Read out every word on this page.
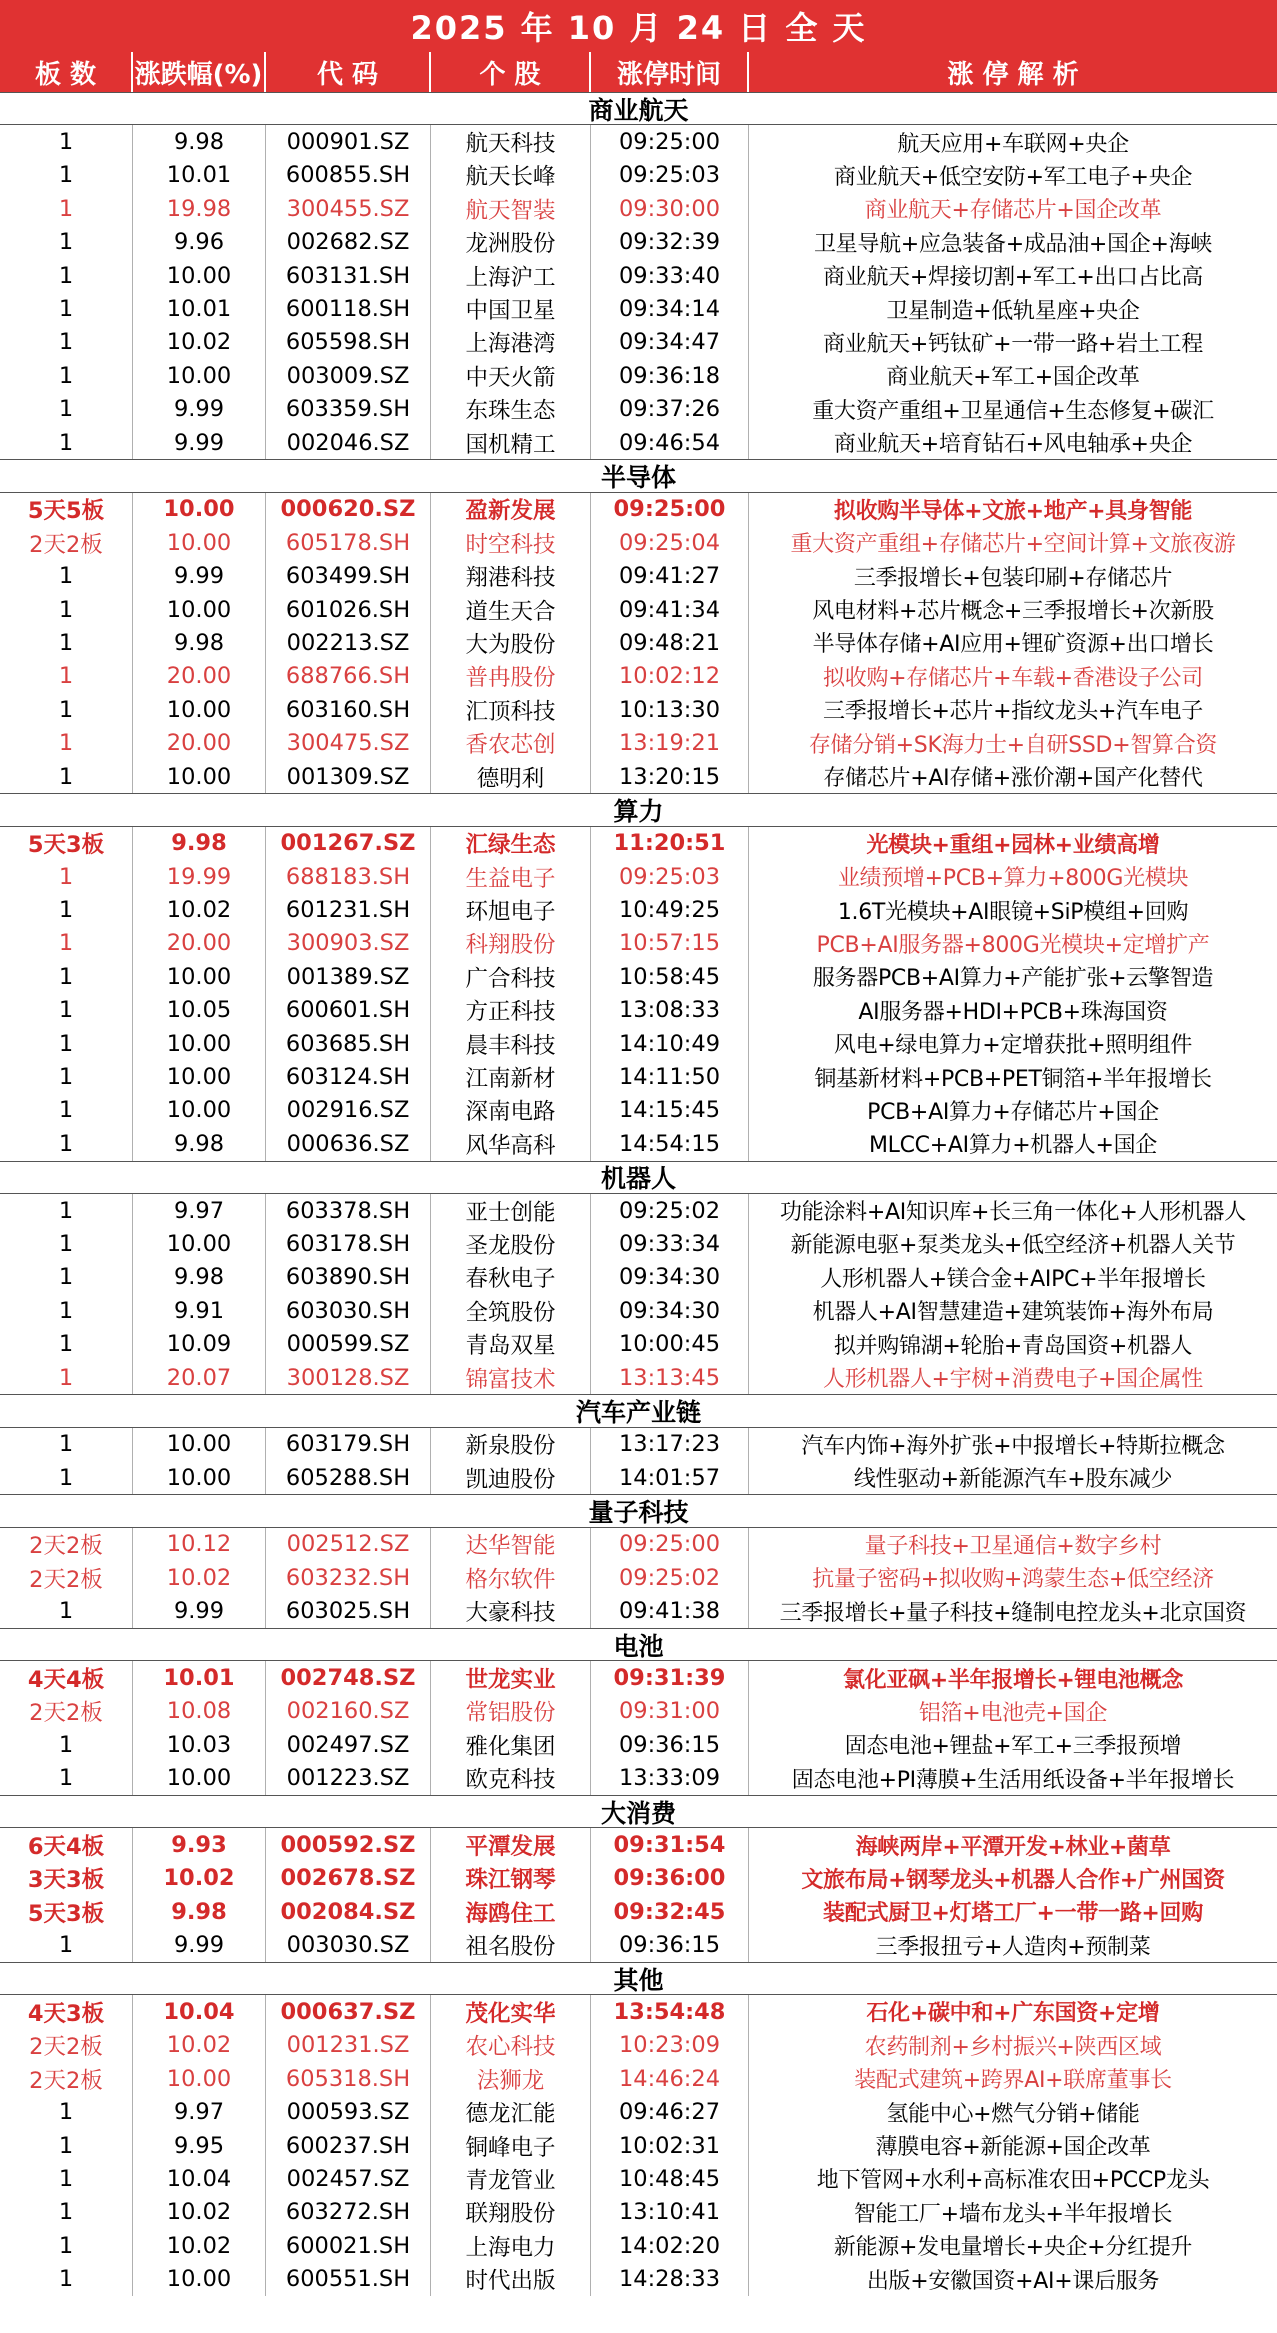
2025 年 10 月 24 日 全 天
板 数	涨跌幅(%)	代 码	个 股	涨停时间	涨 停 解 析
商业航天
1	9.98	000901.SZ	航天科技	09:25:00	航天应用+车联网+央企
1	10.01	600855.SH	航天长峰	09:25:03	商业航天+低空安防+军工电子+央企
1	19.98	300455.SZ	航天智装	09:30:00	商业航天+存储芯片+国企改革
1	9.96	002682.SZ	龙洲股份	09:32:39	卫星导航+应急装备+成品油+国企+海峡
1	10.00	603131.SH	上海沪工	09:33:40	商业航天+焊接切割+军工+出口占比高
1	10.01	600118.SH	中国卫星	09:34:14	卫星制造+低轨星座+央企
1	10.02	605598.SH	上海港湾	09:34:47	商业航天+钙钛矿+一带一路+岩土工程
1	10.00	003009.SZ	中天火箭	09:36:18	商业航天+军工+国企改革
1	9.99	603359.SH	东珠生态	09:37:26	重大资产重组+卫星通信+生态修复+碳汇
1	9.99	002046.SZ	国机精工	09:46:54	商业航天+培育钻石+风电轴承+央企
半导体
5天5板	10.00	000620.SZ	盈新发展	09:25:00	拟收购半导体+文旅+地产+具身智能
2天2板	10.00	605178.SH	时空科技	09:25:04	重大资产重组+存储芯片+空间计算+文旅夜游
1	9.99	603499.SH	翔港科技	09:41:27	三季报增长+包装印刷+存储芯片
1	10.00	601026.SH	道生天合	09:41:34	风电材料+芯片概念+三季报增长+次新股
1	9.98	002213.SZ	大为股份	09:48:21	半导体存储+AI应用+锂矿资源+出口增长
1	20.00	688766.SH	普冉股份	10:02:12	拟收购+存储芯片+车载+香港设子公司
1	10.00	603160.SH	汇顶科技	10:13:30	三季报增长+芯片+指纹龙头+汽车电子
1	20.00	300475.SZ	香农芯创	13:19:21	存储分销+SK海力士+自研SSD+智算合资
1	10.00	001309.SZ	德明利	13:20:15	存储芯片+AI存储+涨价潮+国产化替代
算力
5天3板	9.98	001267.SZ	汇绿生态	11:20:51	光模块+重组+园林+业绩高增
1	19.99	688183.SH	生益电子	09:25:03	业绩预增+PCB+算力+800G光模块
1	10.02	601231.SH	环旭电子	10:49:25	1.6T光模块+AI眼镜+SiP模组+回购
1	20.00	300903.SZ	科翔股份	10:57:15	PCB+AI服务器+800G光模块+定增扩产
1	10.00	001389.SZ	广合科技	10:58:45	服务器PCB+AI算力+产能扩张+云擎智造
1	10.05	600601.SH	方正科技	13:08:33	AI服务器+HDI+PCB+珠海国资
1	10.00	603685.SH	晨丰科技	14:10:49	风电+绿电算力+定增获批+照明组件
1	10.00	603124.SH	江南新材	14:11:50	铜基新材料+PCB+PET铜箔+半年报增长
1	10.00	002916.SZ	深南电路	14:15:45	PCB+AI算力+存储芯片+国企
1	9.98	000636.SZ	风华高科	14:54:15	MLCC+AI算力+机器人+国企
机器人
1	9.97	603378.SH	亚士创能	09:25:02	功能涂料+AI知识库+长三角一体化+人形机器人
1	10.00	603178.SH	圣龙股份	09:33:34	新能源电驱+泵类龙头+低空经济+机器人关节
1	9.98	603890.SH	春秋电子	09:34:30	人形机器人+镁合金+AIPC+半年报增长
1	9.91	603030.SH	全筑股份	09:34:30	机器人+AI智慧建造+建筑装饰+海外布局
1	10.09	000599.SZ	青岛双星	10:00:45	拟并购锦湖+轮胎+青岛国资+机器人
1	20.07	300128.SZ	锦富技术	13:13:45	人形机器人+宇树+消费电子+国企属性
汽车产业链
1	10.00	603179.SH	新泉股份	13:17:23	汽车内饰+海外扩张+中报增长+特斯拉概念
1	10.00	605288.SH	凯迪股份	14:01:57	线性驱动+新能源汽车+股东减少
量子科技
2天2板	10.12	002512.SZ	达华智能	09:25:00	量子科技+卫星通信+数字乡村
2天2板	10.02	603232.SH	格尔软件	09:25:02	抗量子密码+拟收购+鸿蒙生态+低空经济
1	9.99	603025.SH	大豪科技	09:41:38	三季报增长+量子科技+缝制电控龙头+北京国资
电池
4天4板	10.01	002748.SZ	世龙实业	09:31:39	氯化亚砜+半年报增长+锂电池概念
2天2板	10.08	002160.SZ	常铝股份	09:31:00	铝箔+电池壳+国企
1	10.03	002497.SZ	雅化集团	09:36:15	固态电池+锂盐+军工+三季报预增
1	10.00	001223.SZ	欧克科技	13:33:09	固态电池+PI薄膜+生活用纸设备+半年报增长
大消费
6天4板	9.93	000592.SZ	平潭发展	09:31:54	海峡两岸+平潭开发+林业+菌草
3天3板	10.02	002678.SZ	珠江钢琴	09:36:00	文旅布局+钢琴龙头+机器人合作+广州国资
5天3板	9.98	002084.SZ	海鸥住工	09:32:45	装配式厨卫+灯塔工厂+一带一路+回购
1	9.99	003030.SZ	祖名股份	09:36:15	三季报扭亏+人造肉+预制菜
其他
4天3板	10.04	000637.SZ	茂化实华	13:54:48	石化+碳中和+广东国资+定增
2天2板	10.02	001231.SZ	农心科技	10:23:09	农药制剂+乡村振兴+陕西区域
2天2板	10.00	605318.SH	法狮龙	14:46:24	装配式建筑+跨界AI+联席董事长
1	9.97	000593.SZ	德龙汇能	09:46:27	氢能中心+燃气分销+储能
1	9.95	600237.SH	铜峰电子	10:02:31	薄膜电容+新能源+国企改革
1	10.04	002457.SZ	青龙管业	10:48:45	地下管网+水利+高标准农田+PCCP龙头
1	10.02	603272.SH	联翔股份	13:10:41	智能工厂+墙布龙头+半年报增长
1	10.02	600021.SH	上海电力	14:02:20	新能源+发电量增长+央企+分红提升
1	10.00	600551.SH	时代出版	14:28:33	出版+安徽国资+AI+课后服务
